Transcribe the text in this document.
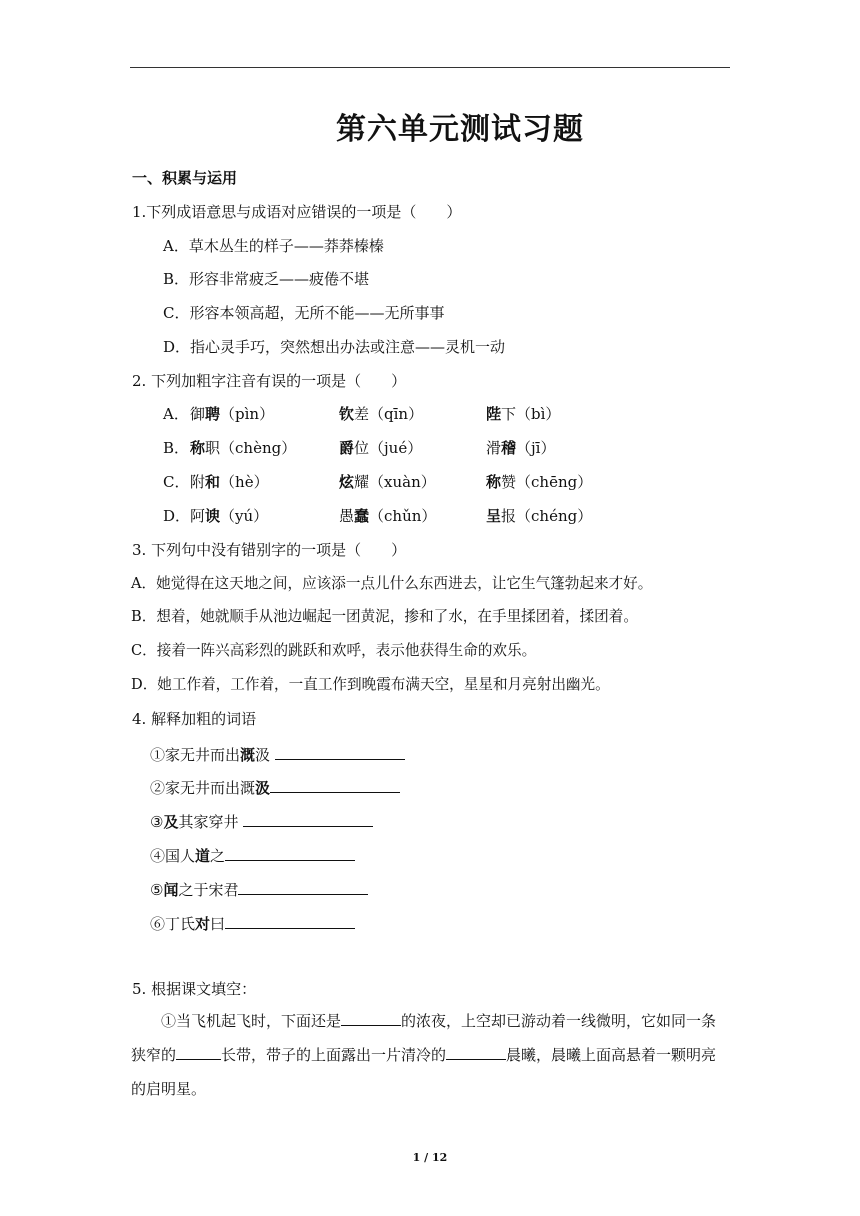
第六单元测试习题
一、积累与运用
1.下列成语意思与成语对应错误的一项是（　　）
A．草木丛生的样子——莽莽榛榛
B．形容非常疲乏——疲倦不堪
C．形容本领高超，无所不能——无所事事
D．指心灵手巧，突然想出办法或注意——灵机一动
2. 下列加粗字注音有误的一项是（　　）
A． 御聘（pìn）	钦差（qīn）	陛下（bì）
B． 称职（chèng）	爵位（jué）	滑稽（jī）
C． 附和（hè）	炫耀（xuàn）	称赞（chēng）
D． 阿谀（yú）	愚蠢（chǔn）	呈报（chéng）
3. 下列句中没有错别字的一项是（　　）
A．她觉得在这天地之间，应该添一点儿什么东西进去，让它生气篷勃起来才好。
B．想着，她就顺手从池边崛起一团黄泥，掺和了水，在手里揉团着，揉团着。
C．接着一阵兴高彩烈的跳跃和欢呼，表示他获得生命的欢乐。
D．她工作着，工作着，一直工作到晚霞布满天空，星星和月亮射出幽光。
4. 解释加粗的词语
①家无井而出溉汲
②家无井而出溉汲
③及其家穿井
④国人道之
⑤闻之于宋君
⑥丁氏对曰
5. 根据课文填空：
①当飞机起飞时，下面还是	的浓夜，上空却已游动着一线微明，它如同一条狭窄的	长带，带子的上面露出一片清冷的	晨曦，晨曦上面高悬着一颗明亮的启明星。
1 / 12
